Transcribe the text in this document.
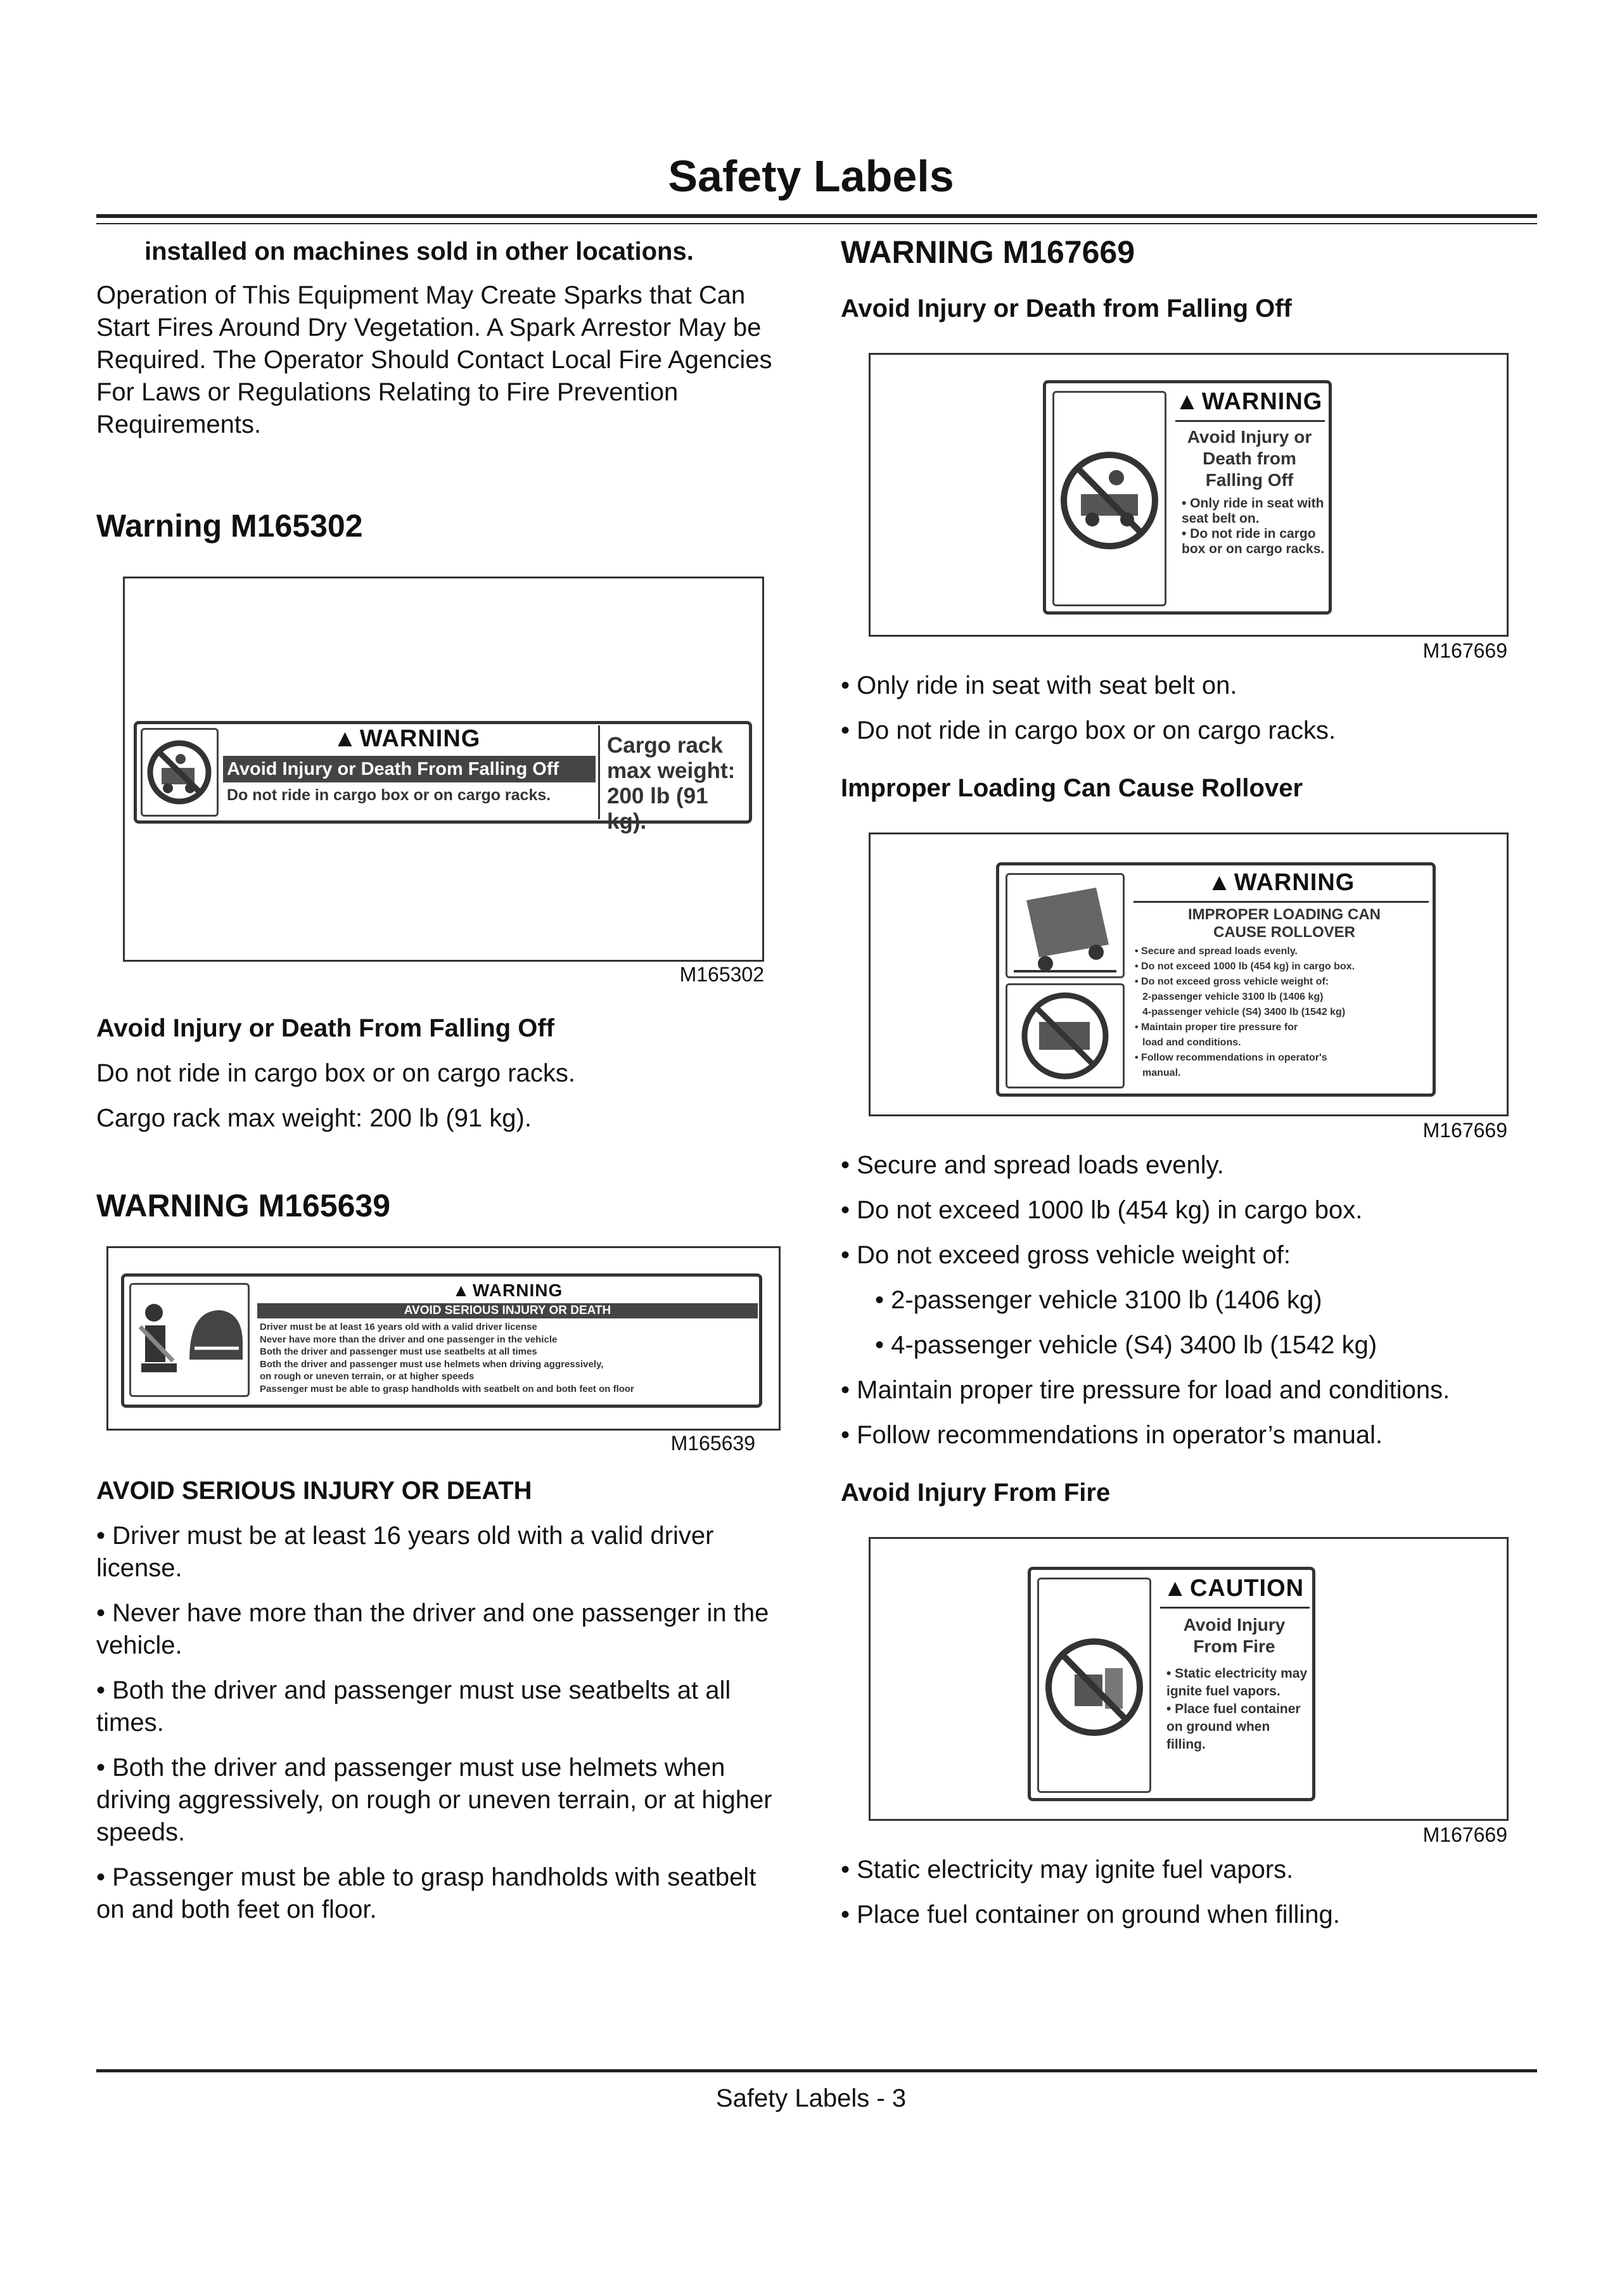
Safety Labels

installed on machines sold in other locations.

Operation of This Equipment May Create Sparks that Can Start Fires Around Dry Vegetation. A Spark Arrestor May be Required. The Operator Should Contact Local Fire Agencies For Laws or Regulations Relating to Fire Prevention Requirements.

Warning M165302
▲ WARNING
Avoid Injury or Death From Falling Off
Do not ride in cargo box or on cargo racks.
Cargo rack max weight: 200 lb (91 kg).
M165302

Avoid Injury or Death From Falling Off

Do not ride in cargo box or on cargo racks.

Cargo rack max weight: 200 lb (91 kg).

WARNING M165639
▲ WARNING
AVOID SERIOUS INJURY OR DEATH
Driver must be at least 16 years old with a valid driver license
Never have more than the driver and one passenger in the vehicle
Both the driver and passenger must use seatbelts at all times
Both the driver and passenger must use helmets when driving aggressively,
on rough or uneven terrain, or at higher speeds
Passenger must be able to grasp handholds with seatbelt on and both feet on floor
M165639

AVOID SERIOUS INJURY OR DEATH

• Driver must be at least 16 years old with a valid driver license.

• Never have more than the driver and one passenger in the vehicle.

• Both the driver and passenger must use seatbelts at all times.

• Both the driver and passenger must use helmets when driving aggressively, on rough or uneven terrain, or at higher speeds.

• Passenger must be able to grasp handholds with seatbelt on and both feet on floor.

WARNING M167669

Avoid Injury or Death from Falling Off

▲ WARNING
Avoid Injury or Death from Falling Off
• Only ride in seat with seat belt on.
• Do not ride in cargo box or on cargo racks.
M167669

• Only ride in seat with seat belt on.

• Do not ride in cargo box or on cargo racks.

Improper Loading Can Cause Rollover

▲ WARNING
IMPROPER LOADING CAN CAUSE ROLLOVER
• Secure and spread loads evenly.
• Do not exceed 1000 lb (454 kg) in cargo box.
• Do not exceed gross vehicle weight of:
2-passenger vehicle 3100 lb (1406 kg)
4-passenger vehicle (S4) 3400 lb (1542 kg)
• Maintain proper tire pressure for
load and conditions.
• Follow recommendations in operator's
manual.
M167669

• Secure and spread loads evenly.

• Do not exceed 1000 lb (454 kg) in cargo box.

• Do not exceed gross vehicle weight of:

• 2-passenger vehicle 3100 lb (1406 kg)

• 4-passenger vehicle (S4) 3400 lb (1542 kg)

• Maintain proper tire pressure for load and conditions.

• Follow recommendations in operator’s manual.

Avoid Injury From Fire

▲ CAUTION
Avoid Injury From Fire
• Static electricity may ignite fuel vapors.
• Place fuel container on ground when filling.
M167669

• Static electricity may ignite fuel vapors.

• Place fuel container on ground when filling.

Safety Labels - 3
